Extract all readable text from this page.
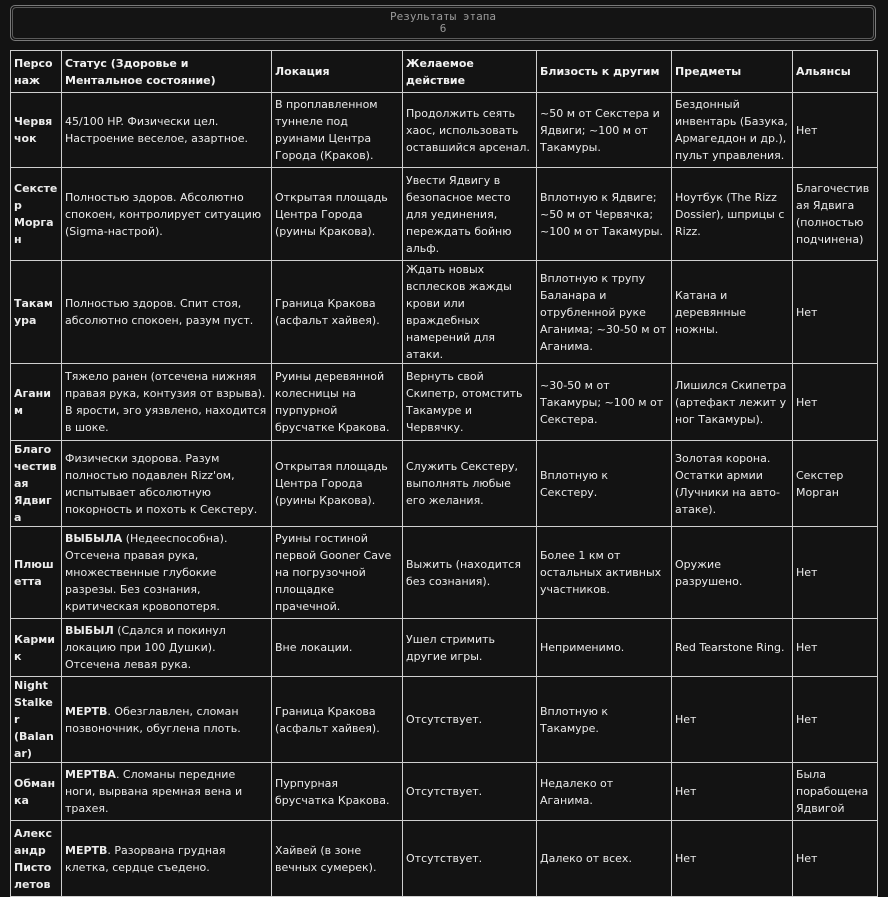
Результаты этапа
6
Персонаж	Статус (Здоровье и Ментальное состояние)	Локация	Желаемое действие	Близость к другим	Предметы	Альянсы
Червячок	45/100 HP. Физически цел. Настроение веселое, азартное.	В проплавленном туннеле под руинами Центра Города (Краков).	Продолжить сеять хаос, использовать оставшийся арсенал.	~50 м от Секстера и Ядвиги; ~100 м от Такамуры.	Бездонный инвентарь (Базука, Армагеддон и др.), пульт управления.	Нет
Секстер Морган	Полностью здоров. Абсолютно спокоен, контролирует ситуацию (Sigma-настрой).	Открытая площадь Центра Города (руины Кракова).	Увести Ядвигу в безопасное место для уединения, переждать бойню альф.	Вплотную к Ядвиге; ~50 м от Червячка; ~100 м от Такамуры.	Ноутбук (The Rizz Dossier), шприцы с Rizz.	Благочестивая Ядвига (полностью подчинена)
Такамура	Полностью здоров. Спит стоя, абсолютно спокоен, разум пуст.	Граница Кракова (асфальт хайвея).	Ждать новых всплесков жажды крови или враждебных намерений для атаки.	Вплотную к трупу Баланара и отрубленной руке Аганима; ~30-50 м от Аганима.	Катана и деревянные ножны.	Нет
Аганим	Тяжело ранен (отсечена нижняя правая рука, контузия от взрыва). В ярости, эго уязвлено, находится в шоке.	Руины деревянной колесницы на пурпурной брусчатке Кракова.	Вернуть свой Скипетр, отомстить Такамуре и Червячку.	~30-50 м от Такамуры; ~100 м от Секстера.	Лишился Скипетра (артефакт лежит у ног Такамуры).	Нет
Благочестивая Ядвига	Физически здорова. Разум полностью подавлен Rizz'ом, испытывает абсолютную покорность и похоть к Секстеру.	Открытая площадь Центра Города (руины Кракова).	Служить Секстеру, выполнять любые его желания.	Вплотную к Секстеру.	Золотая корона. Остатки армии (Лучники на авто-атаке).	Секстер Морган
Плюшетта	ВЫБЫЛА (Недееспособна). Отсечена правая рука, множественные глубокие разрезы. Без сознания, критическая кровопотеря.	Руины гостиной первой Gooner Cave на погрузочной площадке прачечной.	Выжить (находится без сознания).	Более 1 км от остальных активных участников.	Оружие разрушено.	Нет
Кармик	ВЫБЫЛ (Сдался и покинул локацию при 100 Душки). Отсечена левая рука.	Вне локации.	Ушел стримить другие игры.	Неприменимо.	Red Tearstone Ring.	Нет
Night Stalker (Balanar)	МЕРТВ. Обезглавлен, сломан позвоночник, обуглена плоть.	Граница Кракова (асфальт хайвея).	Отсутствует.	Вплотную к Такамуре.	Нет	Нет
Обманка	МЕРТВА. Сломаны передние ноги, вырвана яремная вена и трахея.	Пурпурная брусчатка Кракова.	Отсутствует.	Недалеко от Аганима.	Нет	Была порабощена Ядвигой
Александр Пистолетов	МЕРТВ. Разорвана грудная клетка, сердце съедено.	Хайвей (в зоне вечных сумерек).	Отсутствует.	Далеко от всех.	Нет	Нет
